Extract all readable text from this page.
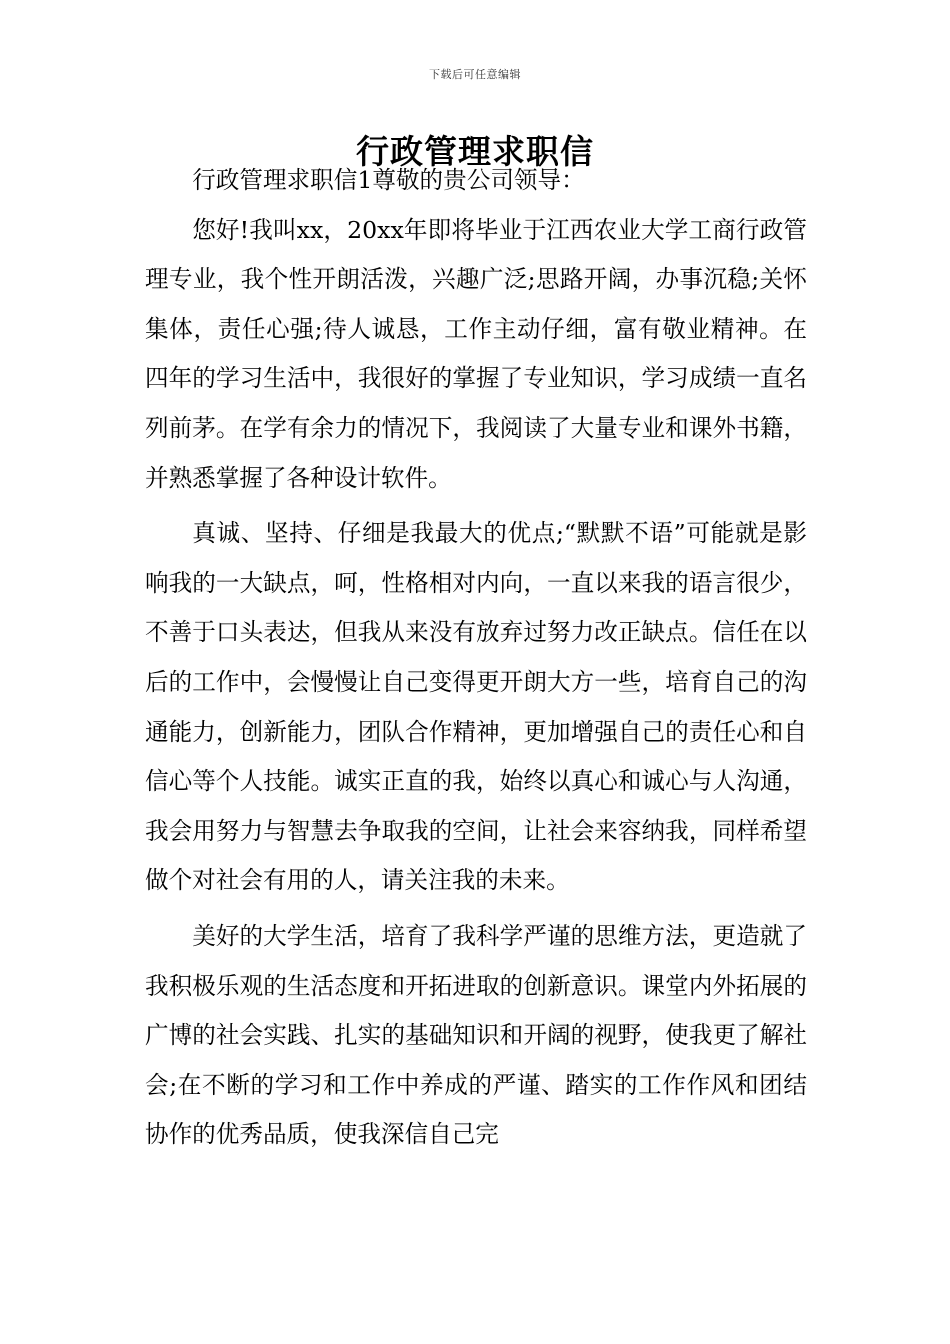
下载后可任意编辑
行政管理求职信

行政管理求职信1尊敬的贵公司领导：

您好!我叫xx，20xx年即将毕业于江西农业大学工商行政管理专业，我个性开朗活泼，兴趣广泛;思路开阔，办事沉稳;关怀集体，责任心强;待人诚恳，工作主动仔细，富有敬业精神。在四年的学习生活中，我很好的掌握了专业知识，学习成绩一直名列前茅。在学有余力的情况下，我阅读了大量专业和课外书籍，并熟悉掌握了各种设计软件。

真诚、坚持、仔细是我最大的优点;“默默不语”可能就是影响我的一大缺点，呵，性格相对内向，一直以来我的语言很少，不善于口头表达，但我从来没有放弃过努力改正缺点。信任在以后的工作中，会慢慢让自己变得更开朗大方一些，培育自己的沟通能力，创新能力，团队合作精神，更加增强自己的责任心和自信心等个人技能。诚实正直的我，始终以真心和诚心与人沟通，我会用努力与智慧去争取我的空间，让社会来容纳我，同样希望做个对社会有用的人，请关注我的未来。

美好的大学生活，培育了我科学严谨的思维方法，更造就了我积极乐观的生活态度和开拓进取的创新意识。课堂内外拓展的广博的社会实践、扎实的基础知识和开阔的视野，使我更了解社会;在不断的学习和工作中养成的严谨、踏实的工作作风和团结协作的优秀品质，使我深信自己完
